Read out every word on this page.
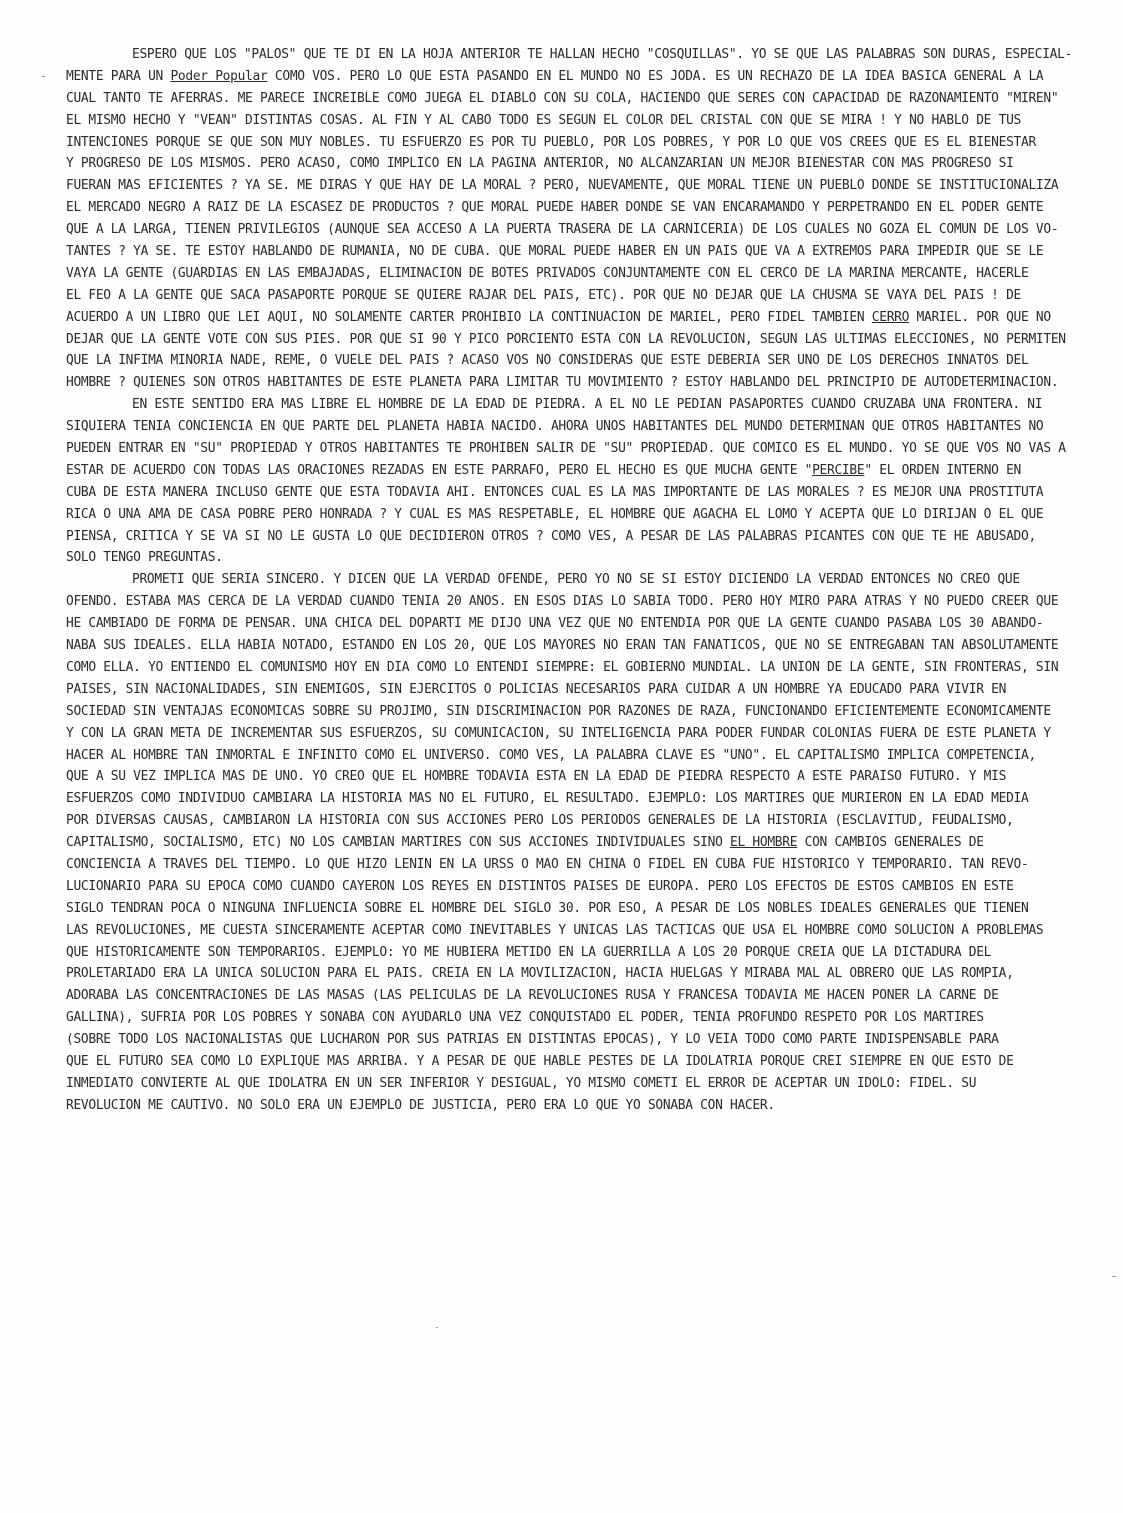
ESPERO QUE LOS "PALOS" QUE TE DI EN LA HOJA ANTERIOR TE HALLAN HECHO "COSQUILLAS". YO SE QUE LAS PALABRAS SON DURAS, ESPECIAL-
MENTE PARA UN Poder Popular COMO VOS. PERO LO QUE ESTA PASANDO EN EL MUNDO NO ES JODA. ES UN RECHAZO DE LA IDEA BASICA GENERAL A LA
CUAL TANTO TE AFERRAS. ME PARECE INCREIBLE COMO JUEGA EL DIABLO CON SU COLA, HACIENDO QUE SERES CON CAPACIDAD DE RAZONAMIENTO "MIREN"
EL MISMO HECHO Y "VEAN" DISTINTAS COSAS. AL FIN Y AL CABO TODO ES SEGUN EL COLOR DEL CRISTAL CON QUE SE MIRA ! Y NO HABLO DE TUS
INTENCIONES PORQUE SE QUE SON MUY NOBLES. TU ESFUERZO ES POR TU PUEBLO, POR LOS POBRES, Y POR LO QUE VOS CREES QUE ES EL BIENESTAR
Y PROGRESO DE LOS MISMOS. PERO ACASO, COMO IMPLICO EN LA PAGINA ANTERIOR, NO ALCANZARIAN UN MEJOR BIENESTAR CON MAS PROGRESO SI
FUERAN MAS EFICIENTES ? YA SE. ME DIRAS Y QUE HAY DE LA MORAL ? PERO, NUEVAMENTE, QUE MORAL TIENE UN PUEBLO DONDE SE INSTITUCIONALIZA
EL MERCADO NEGRO A RAIZ DE LA ESCASEZ DE PRODUCTOS ? QUE MORAL PUEDE HABER DONDE SE VAN ENCARAMANDO Y PERPETRANDO EN EL PODER GENTE
QUE A LA LARGA, TIENEN PRIVILEGIOS (AUNQUE SEA ACCESO A LA PUERTA TRASERA DE LA CARNICERIA) DE LOS CUALES NO GOZA EL COMUN DE LOS VO-
TANTES ? YA SE. TE ESTOY HABLANDO DE RUMANIA, NO DE CUBA. QUE MORAL PUEDE HABER EN UN PAIS QUE VA A EXTREMOS PARA IMPEDIR QUE SE LE
VAYA LA GENTE (GUARDIAS EN LAS EMBAJADAS, ELIMINACION DE BOTES PRIVADOS CONJUNTAMENTE CON EL CERCO DE LA MARINA MERCANTE, HACERLE
EL FEO A LA GENTE QUE SACA PASAPORTE PORQUE SE QUIERE RAJAR DEL PAIS, ETC). POR QUE NO DEJAR QUE LA CHUSMA SE VAYA DEL PAIS ! DE
ACUERDO A UN LIBRO QUE LEI AQUI, NO SOLAMENTE CARTER PROHIBIO LA CONTINUACION DE MARIEL, PERO FIDEL TAMBIEN CERRO MARIEL. POR QUE NO
DEJAR QUE LA GENTE VOTE CON SUS PIES. POR QUE SI 90 Y PICO PORCIENTO ESTA CON LA REVOLUCION, SEGUN LAS ULTIMAS ELECCIONES, NO PERMITEN
QUE LA INFIMA MINORIA NADE, REME, O VUELE DEL PAIS ? ACASO VOS NO CONSIDERAS QUE ESTE DEBERIA SER UNO DE LOS DERECHOS INNATOS DEL
HOMBRE ? QUIENES SON OTROS HABITANTES DE ESTE PLANETA PARA LIMITAR TU MOVIMIENTO ? ESTOY HABLANDO DEL PRINCIPIO DE AUTODETERMINACION.
EN ESTE SENTIDO ERA MAS LIBRE EL HOMBRE DE LA EDAD DE PIEDRA. A EL NO LE PEDIAN PASAPORTES CUANDO CRUZABA UNA FRONTERA. NI
SIQUIERA TENIA CONCIENCIA EN QUE PARTE DEL PLANETA HABIA NACIDO. AHORA UNOS HABITANTES DEL MUNDO DETERMINAN QUE OTROS HABITANTES NO
PUEDEN ENTRAR EN "SU" PROPIEDAD Y OTROS HABITANTES TE PROHIBEN SALIR DE "SU" PROPIEDAD. QUE COMICO ES EL MUNDO. YO SE QUE VOS NO VAS A
ESTAR DE ACUERDO CON TODAS LAS ORACIONES REZADAS EN ESTE PARRAFO, PERO EL HECHO ES QUE MUCHA GENTE "PERCIBE" EL ORDEN INTERNO EN
CUBA DE ESTA MANERA INCLUSO GENTE QUE ESTA TODAVIA AHI. ENTONCES CUAL ES LA MAS IMPORTANTE DE LAS MORALES ? ES MEJOR UNA PROSTITUTA
RICA O UNA AMA DE CASA POBRE PERO HONRADA ? Y CUAL ES MAS RESPETABLE, EL HOMBRE QUE AGACHA EL LOMO Y ACEPTA QUE LO DIRIJAN O EL QUE
PIENSA, CRITICA Y SE VA SI NO LE GUSTA LO QUE DECIDIERON OTROS ? COMO VES, A PESAR DE LAS PALABRAS PICANTES CON QUE TE HE ABUSADO,
SOLO TENGO PREGUNTAS.
PROMETI QUE SERIA SINCERO. Y DICEN QUE LA VERDAD OFENDE, PERO YO NO SE SI ESTOY DICIENDO LA VERDAD ENTONCES NO CREO QUE
OFENDO. ESTABA MAS CERCA DE LA VERDAD CUANDO TENIA 20 ANOS. EN ESOS DIAS LO SABIA TODO. PERO HOY MIRO PARA ATRAS Y NO PUEDO CREER QUE
HE CAMBIADO DE FORMA DE PENSAR. UNA CHICA DEL DOPARTI ME DIJO UNA VEZ QUE NO ENTENDIA POR QUE LA GENTE CUANDO PASABA LOS 30 ABANDO-
NABA SUS IDEALES. ELLA HABIA NOTADO, ESTANDO EN LOS 20, QUE LOS MAYORES NO ERAN TAN FANATICOS, QUE NO SE ENTREGABAN TAN ABSOLUTAMENTE
COMO ELLA. YO ENTIENDO EL COMUNISMO HOY EN DIA COMO LO ENTENDI SIEMPRE: EL GOBIERNO MUNDIAL. LA UNION DE LA GENTE, SIN FRONTERAS, SIN
PAISES, SIN NACIONALIDADES, SIN ENEMIGOS, SIN EJERCITOS O POLICIAS NECESARIOS PARA CUIDAR A UN HOMBRE YA EDUCADO PARA VIVIR EN
SOCIEDAD SIN VENTAJAS ECONOMICAS SOBRE SU PROJIMO, SIN DISCRIMINACION POR RAZONES DE RAZA, FUNCIONANDO EFICIENTEMENTE ECONOMICAMENTE
Y CON LA GRAN META DE INCREMENTAR SUS ESFUERZOS, SU COMUNICACION, SU INTELIGENCIA PARA PODER FUNDAR COLONIAS FUERA DE ESTE PLANETA Y
HACER AL HOMBRE TAN INMORTAL E INFINITO COMO EL UNIVERSO. COMO VES, LA PALABRA CLAVE ES "UNO". EL CAPITALISMO IMPLICA COMPETENCIA,
QUE A SU VEZ IMPLICA MAS DE UNO. YO CREO QUE EL HOMBRE TODAVIA ESTA EN LA EDAD DE PIEDRA RESPECTO A ESTE PARAISO FUTURO. Y MIS
ESFUERZOS COMO INDIVIDUO CAMBIARA LA HISTORIA MAS NO EL FUTURO, EL RESULTADO. EJEMPLO: LOS MARTIRES QUE MURIERON EN LA EDAD MEDIA
POR DIVERSAS CAUSAS, CAMBIARON LA HISTORIA CON SUS ACCIONES PERO LOS PERIODOS GENERALES DE LA HISTORIA (ESCLAVITUD, FEUDALISMO,
CAPITALISMO, SOCIALISMO, ETC) NO LOS CAMBIAN MARTIRES CON SUS ACCIONES INDIVIDUALES SINO EL HOMBRE CON CAMBIOS GENERALES DE
CONCIENCIA A TRAVES DEL TIEMPO. LO QUE HIZO LENIN EN LA URSS O MAO EN CHINA O FIDEL EN CUBA FUE HISTORICO Y TEMPORARIO. TAN REVO-
LUCIONARIO PARA SU EPOCA COMO CUANDO CAYERON LOS REYES EN DISTINTOS PAISES DE EUROPA. PERO LOS EFECTOS DE ESTOS CAMBIOS EN ESTE
SIGLO TENDRAN POCA O NINGUNA INFLUENCIA SOBRE EL HOMBRE DEL SIGLO 30. POR ESO, A PESAR DE LOS NOBLES IDEALES GENERALES QUE TIENEN
LAS REVOLUCIONES, ME CUESTA SINCERAMENTE ACEPTAR COMO INEVITABLES Y UNICAS LAS TACTICAS QUE USA EL HOMBRE COMO SOLUCION A PROBLEMAS
QUE HISTORICAMENTE SON TEMPORARIOS. EJEMPLO: YO ME HUBIERA METIDO EN LA GUERRILLA A LOS 20 PORQUE CREIA QUE LA DICTADURA DEL
PROLETARIADO ERA LA UNICA SOLUCION PARA EL PAIS. CREIA EN LA MOVILIZACION, HACIA HUELGAS Y MIRABA MAL AL OBRERO QUE LAS ROMPIA,
ADORABA LAS CONCENTRACIONES DE LAS MASAS (LAS PELICULAS DE LA REVOLUCIONES RUSA Y FRANCESA TODAVIA ME HACEN PONER LA CARNE DE
GALLINA), SUFRIA POR LOS POBRES Y SONABA CON AYUDARLO UNA VEZ CONQUISTADO EL PODER, TENIA PROFUNDO RESPETO POR LOS MARTIRES
(SOBRE TODO LOS NACIONALISTAS QUE LUCHARON POR SUS PATRIAS EN DISTINTAS EPOCAS), Y LO VEIA TODO COMO PARTE INDISPENSABLE PARA
QUE EL FUTURO SEA COMO LO EXPLIQUE MAS ARRIBA. Y A PESAR DE QUE HABLE PESTES DE LA IDOLATRIA PORQUE CREI SIEMPRE EN QUE ESTO DE
INMEDIATO CONVIERTE AL QUE IDOLATRA EN UN SER INFERIOR Y DESIGUAL, YO MISMO COMETI EL ERROR DE ACEPTAR UN IDOLO: FIDEL. SU
REVOLUCION ME CAUTIVO. NO SOLO ERA UN EJEMPLO DE JUSTICIA, PERO ERA LO QUE YO SONABA CON HACER.
